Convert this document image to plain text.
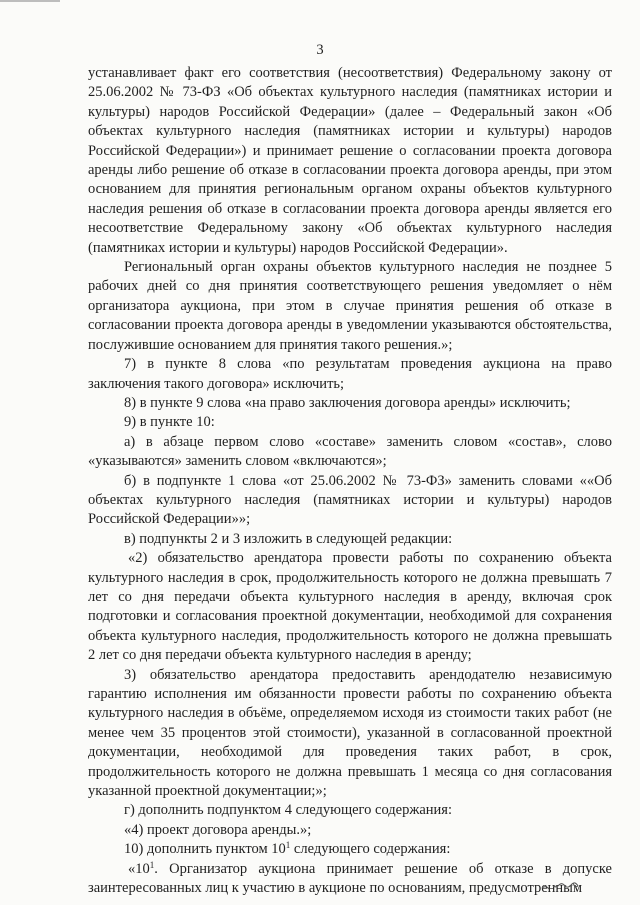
3

устанавливает факт его соответствия (несоответствия) Федеральному закону от 25.06.2002 № 73-ФЗ «Об объектах культурного наследия (памятниках истории и культуры) народов Российской Федерации» (далее – Федеральный закон «Об объектах культурного наследия (памятниках истории и культуры) народов Российской Федерации») и принимает решение о согласовании проекта договора аренды либо решение об отказе в согласовании проекта договора аренды, при этом основанием для принятия региональным органом охраны объектов культурного наследия решения об отказе в согласовании проекта договора аренды является его несоответствие Федеральному закону «Об объектах культурного наследия (памятниках истории и культуры) народов Российской Федерации».

Региональный орган охраны объектов культурного наследия не позднее 5 рабочих дней со дня принятия соответствующего решения уведомляет о нём организатора аукциона, при этом в случае принятия решения об отказе в согласовании проекта договора аренды в уведомлении указываются обстоятельства, послужившие основанием для принятия такого решения.»;

7) в пункте 8 слова «по результатам проведения аукциона на право заключения такого договора» исключить;

8) в пункте 9 слова «на право заключения договора аренды» исключить;

9) в пункте 10:

а) в абзаце первом слово «составе» заменить словом «состав», слово «указываются» заменить словом «включаются»;

б) в подпункте 1 слова «от 25.06.2002 № 73-ФЗ» заменить словами ««Об объектах культурного наследия (памятниках истории и культуры) народов Российской Федерации»»;

в) подпункты 2 и 3 изложить в следующей редакции:

«2) обязательство арендатора провести работы по сохранению объекта культурного наследия в срок, продолжительность которого не должна превышать 7 лет со дня передачи объекта культурного наследия в аренду, включая срок подготовки и согласования проектной документации, необходимой для сохранения объекта культурного наследия, продолжительность которого не должна превышать 2 лет со дня передачи объекта культурного наследия в аренду;

3) обязательство арендатора предоставить арендодателю независимую гарантию исполнения им обязанности провести работы по сохранению объекта культурного наследия в объёме, определяемом исходя из стоимости таких работ (не менее чем 35 процентов этой стоимости), указанной в согласованной проектной документации, необходимой для проведения таких работ, в срок, продолжительность которого не должна превышать 1 месяца со дня согласования указанной проектной документации;»;

г) дополнить подпунктом 4 следующего содержания:

«4) проект договора аренды.»;

10) дополнить пунктом $10^1$ следующего содержания:

«$10^1$. Организатор аукциона принимает решение об отказе в допуске заинтересованных лиц к участию в аукционе по основаниям, предусмотренным
